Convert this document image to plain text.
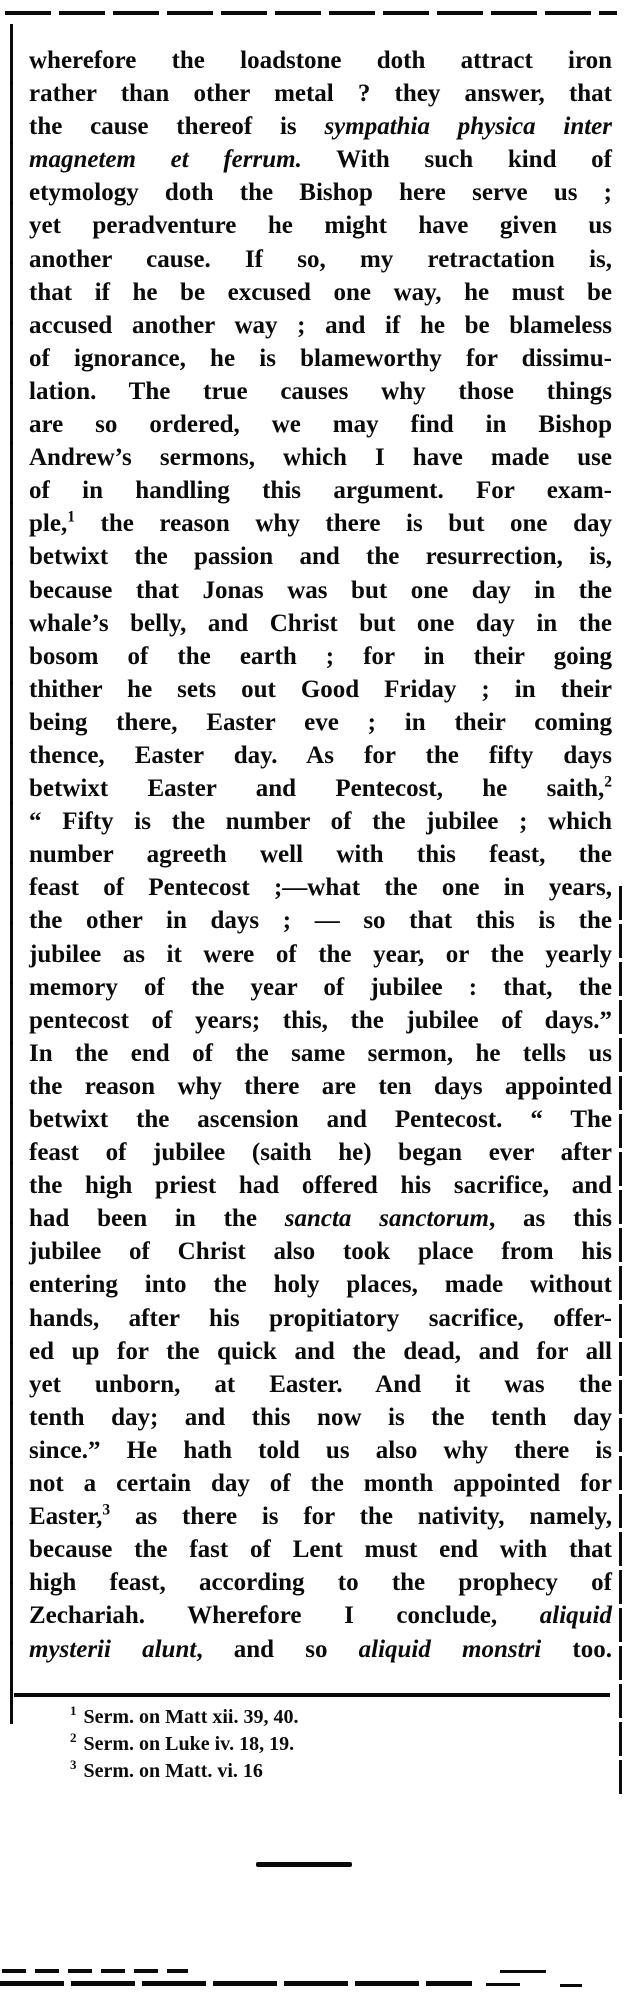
wherefore the loadstone doth attract iron
rather than other metal ? they answer, that
the cause thereof is sympathia physica inter
magnetem et ferrum. With such kind of
etymology doth the Bishop here serve us ;
yet peradventure he might have given us
another cause. If so, my retractation is,
that if he be excused one way, he must be
accused another way ; and if he be blameless
of ignorance, he is blameworthy for dissimu-
lation. The true causes why those things
are so ordered, we may find in Bishop
Andrew’s sermons, which I have made use
of in handling this argument. For exam-
ple,$^1$ the reason why there is but one day
betwixt the passion and the resurrection, is,
because that Jonas was but one day in the
whale’s belly, and Christ but one day in the
bosom of the earth ; for in their going
thither he sets out Good Friday ; in their
being there, Easter eve ; in their coming
thence, Easter day. As for the fifty days
betwixt Easter and Pentecost, he saith,$^2$
“ Fifty is the number of the jubilee ; which
number agreeth well with this feast, the
feast of Pentecost ;—what the one in years,
the other in days ; — so that this is the
jubilee as it were of the year, or the yearly
memory of the year of jubilee : that, the
pentecost of years; this, the jubilee of days.”
In the end of the same sermon, he tells us
the reason why there are ten days appointed
betwixt the ascension and Pentecost. “ The
feast of jubilee (saith he) began ever after
the high priest had offered his sacrifice, and
had been in the sancta sanctorum, as this
jubilee of Christ also took place from his
entering into the holy places, made without
hands, after his propitiatory sacrifice, offer-
ed up for the quick and the dead, and for all
yet unborn, at Easter. And it was the
tenth day; and this now is the tenth day
since.” He hath told us also why there is
not a certain day of the month appointed for
Easter,$^3$ as there is for the nativity, namely,
because the fast of Lent must end with that
high feast, according to the prophecy of
Zechariah. Wherefore I conclude, aliquid
mysterii alunt, and so aliquid monstri too.
$^1$ Serm. on Matt xii. 39, 40.
$^2$ Serm. on Luke iv. 18, 19.
$^3$ Serm. on Matt. vi. 16
